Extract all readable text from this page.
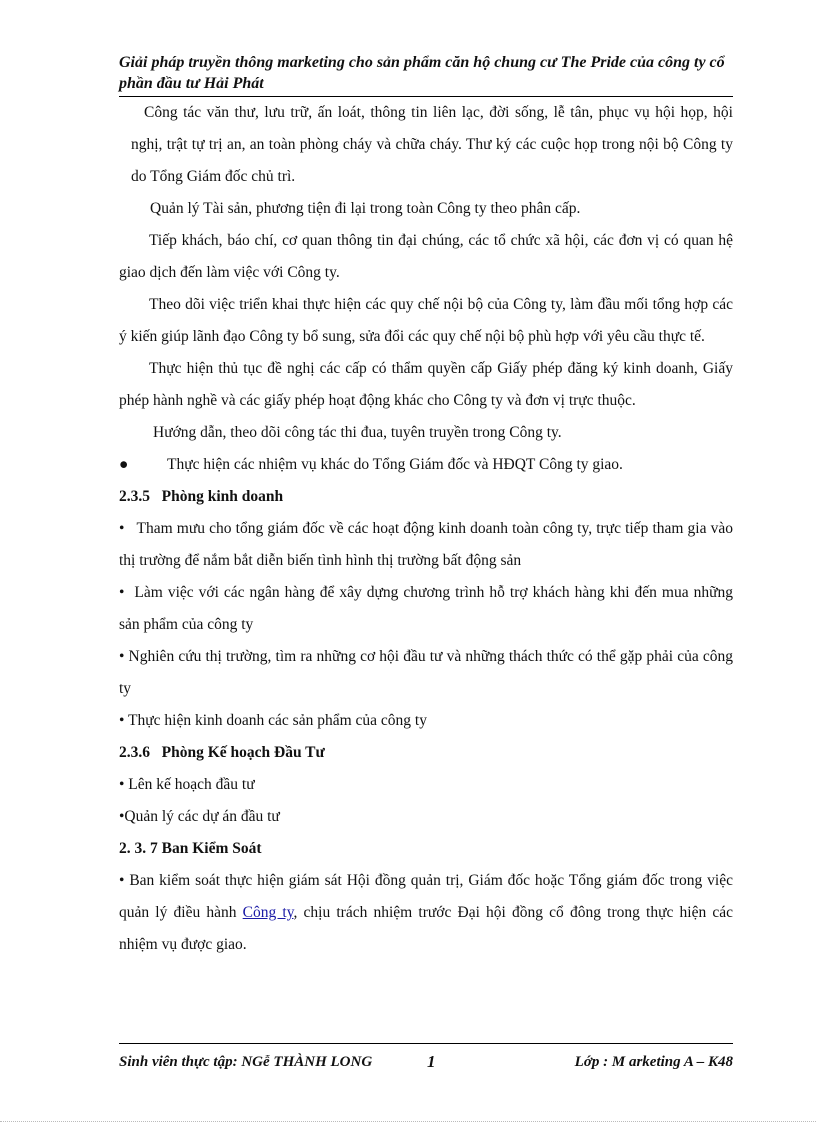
Giải pháp truyền thông marketing cho sản phẩm căn hộ chung cư The Pride của công ty cổ phần đầu tư Hải Phát

Công tác văn thư, lưu trữ, ấn loát, thông tin liên lạc, đời sống, lễ tân, phục vụ hội họp, hội nghị, trật tự trị an, an toàn phòng cháy và chữa cháy. Thư ký các cuộc họp trong nội bộ Công ty do Tổng Giám đốc chủ trì.

Quản lý Tài sản, phương tiện đi lại trong toàn Công ty theo phân cấp.

Tiếp khách, báo chí, cơ quan thông tin đại chúng, các tổ chức xã hội, các đơn vị có quan hệ giao dịch đến làm việc với Công ty.

Theo dõi việc triển khai thực hiện các quy chế nội bộ của Công ty, làm đầu mối tổng hợp các ý kiến giúp lãnh đạo Công ty bổ sung, sửa đổi các quy chế nội bộ phù hợp với yêu cầu thực tế.

Thực hiện thủ tục đề nghị các cấp có thẩm quyền cấp Giấy phép đăng ký kinh doanh, Giấy phép hành nghề và các giấy phép hoạt động khác cho Công ty và đơn vị trực thuộc.

Hướng dẫn, theo dõi công tác thi đua, tuyên truyền trong Công ty.

●	Thực hiện các nhiệm vụ khác do Tổng Giám đốc và HĐQT Công ty giao.

2.3.5   Phòng kinh doanh

•   Tham mưu cho tổng giám đốc về các hoạt động kinh doanh toàn công ty, trực tiếp tham gia vào thị trường để nắm bắt diễn biến tình hình thị trường bất động sản

•  Làm việc với các ngân hàng để xây dựng chương trình hỗ trợ khách hàng khi đến mua những sản phẩm của công ty

• Nghiên cứu thị trường, tìm ra những cơ hội đầu tư và những thách thức có thể gặp phải của công ty

• Thực hiện kinh doanh các sản phẩm của công ty

2.3.6   Phòng Kế hoạch Đầu Tư

• Lên kế hoạch đầu tư

•Quản lý các dự án đầu tư

2. 3. 7 Ban Kiểm Soát

• Ban kiểm soát thực hiện giám sát Hội đồng quản trị, Giám đốc hoặc Tổng giám đốc trong việc quản lý điều hành Công ty, chịu trách nhiệm trước Đại hội đồng cổ đông trong thực hiện các nhiệm vụ được giao.

Sinh viên thực tập: NGễ THÀNH LONG	1	Lớp : M arketing A – K48
